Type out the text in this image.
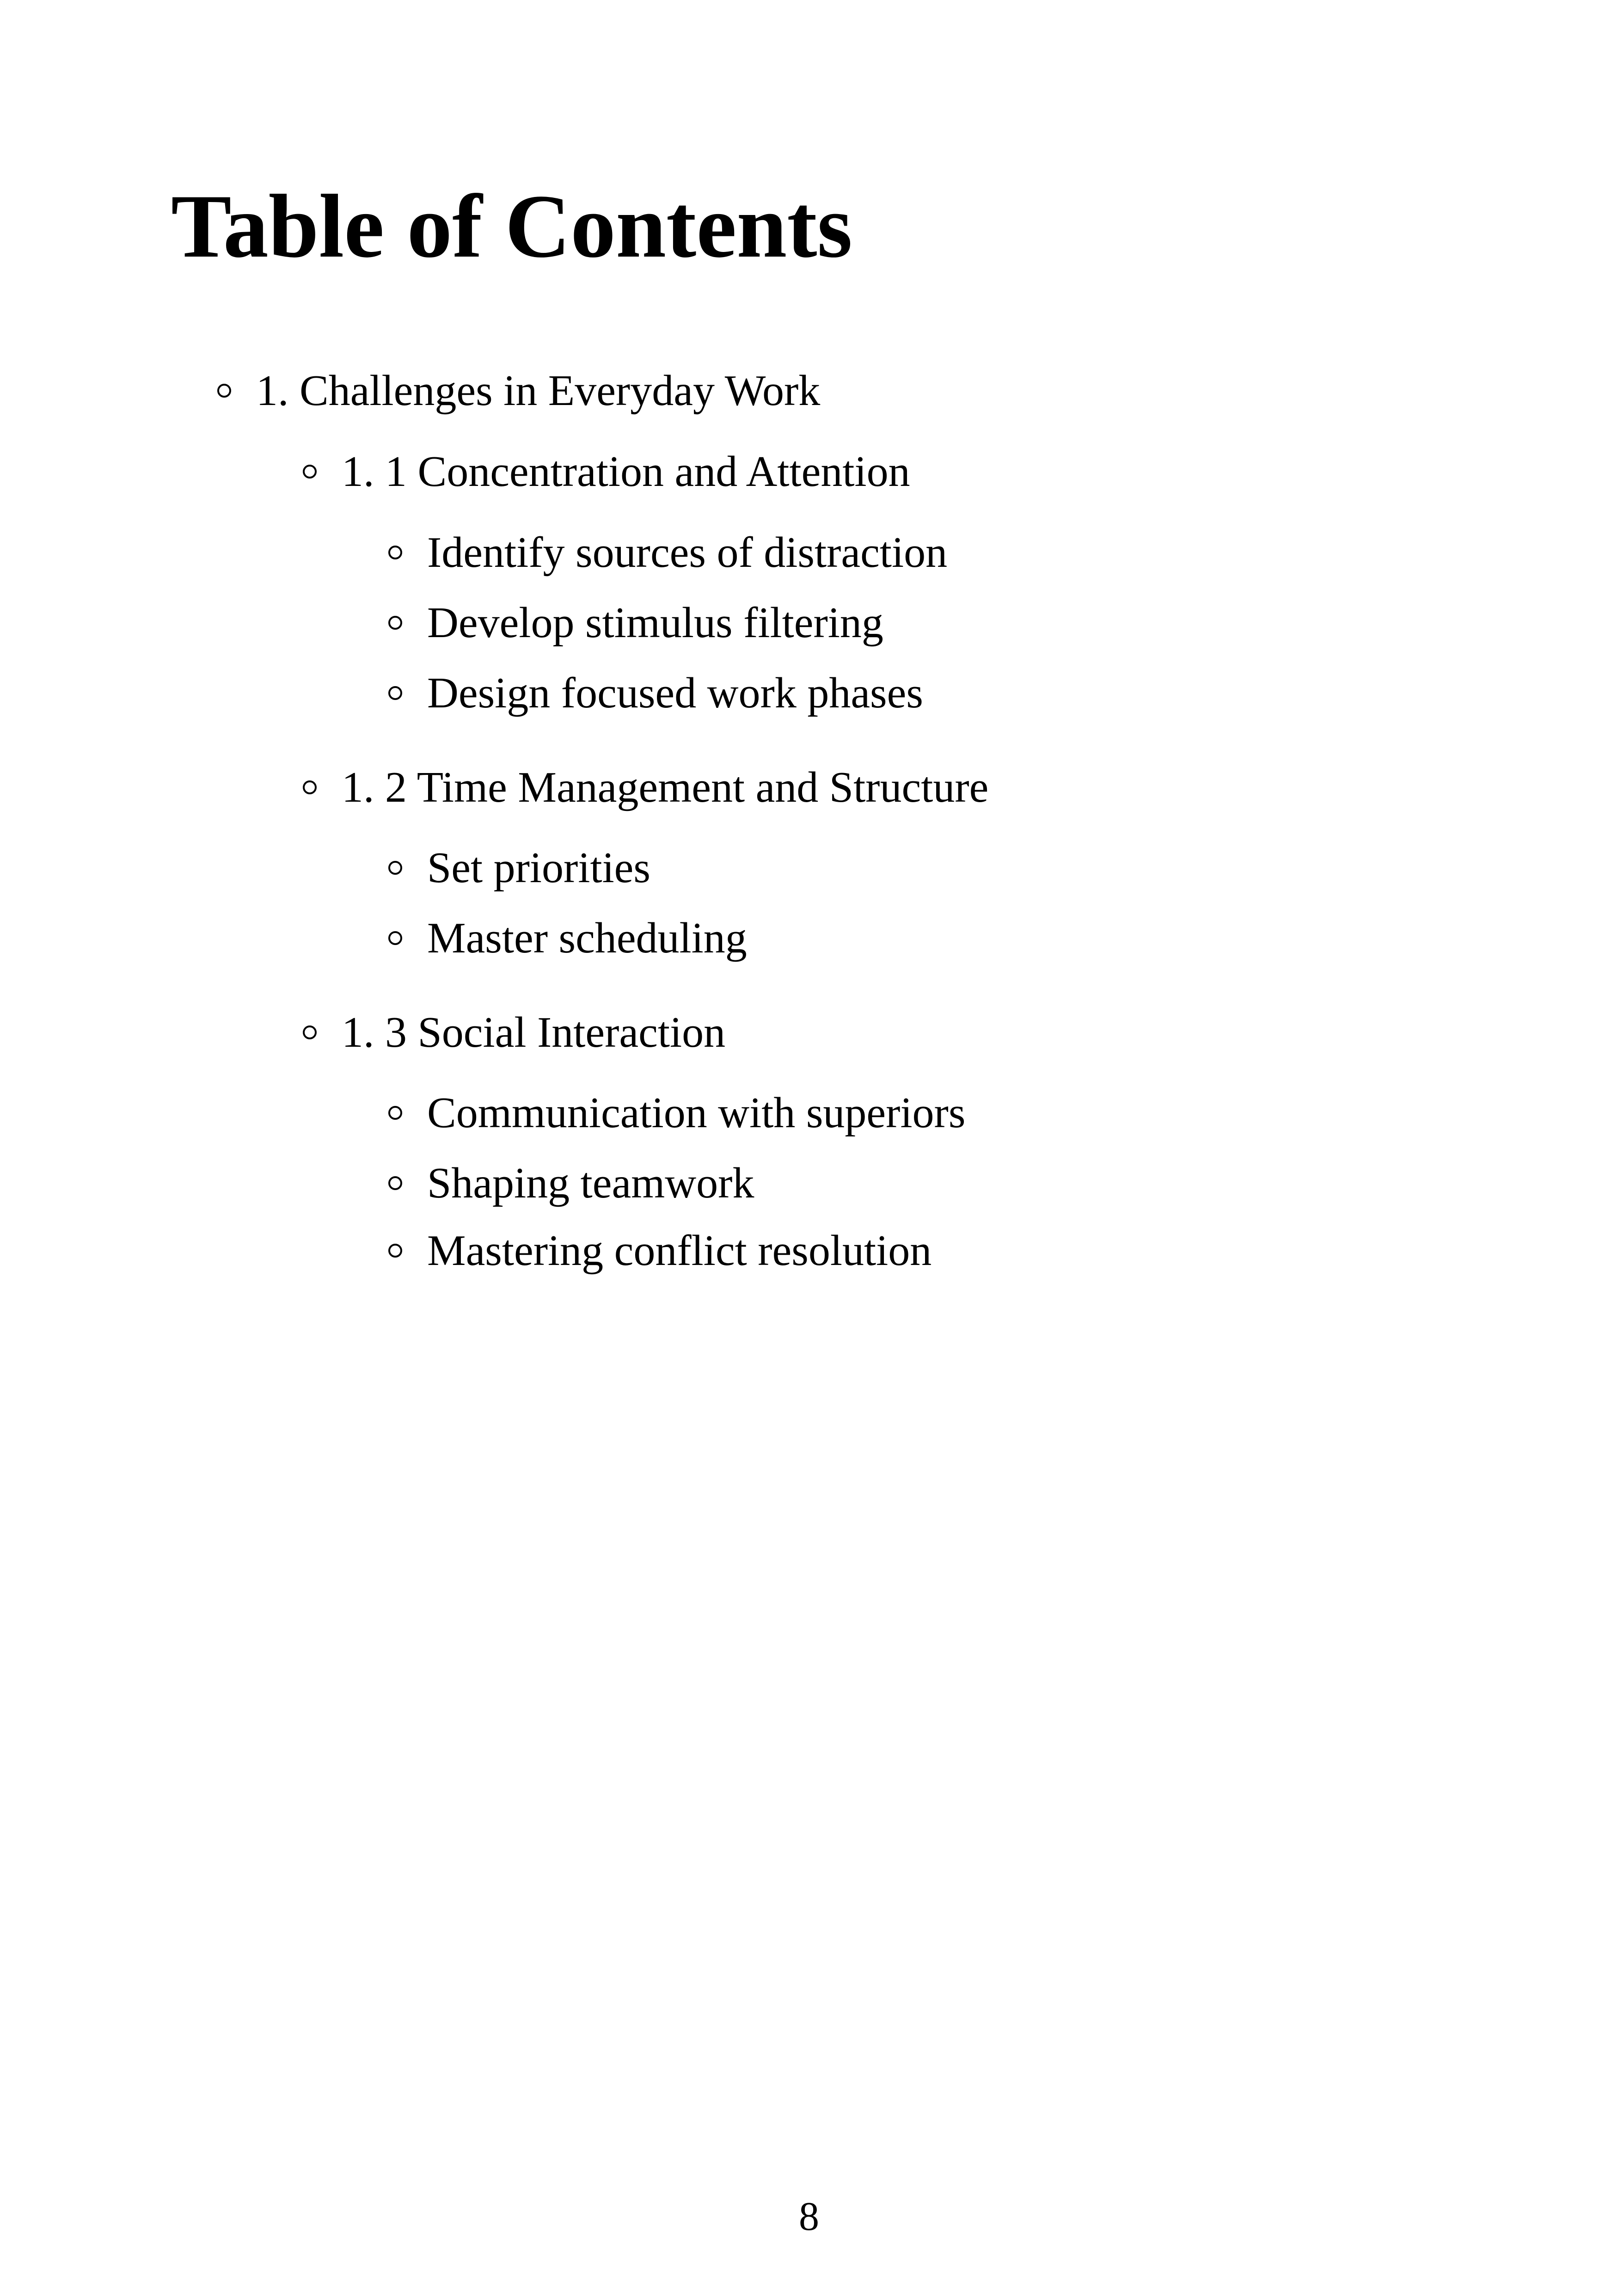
Table of Contents
1. Challenges in Everyday Work
1. 1 Concentration and Attention
Identify sources of distraction
Develop stimulus filtering
Design focused work phases
1. 2 Time Management and Structure
Set priorities
Master scheduling
1. 3 Social Interaction
Communication with superiors
Shaping teamwork
Mastering conflict resolution
8
